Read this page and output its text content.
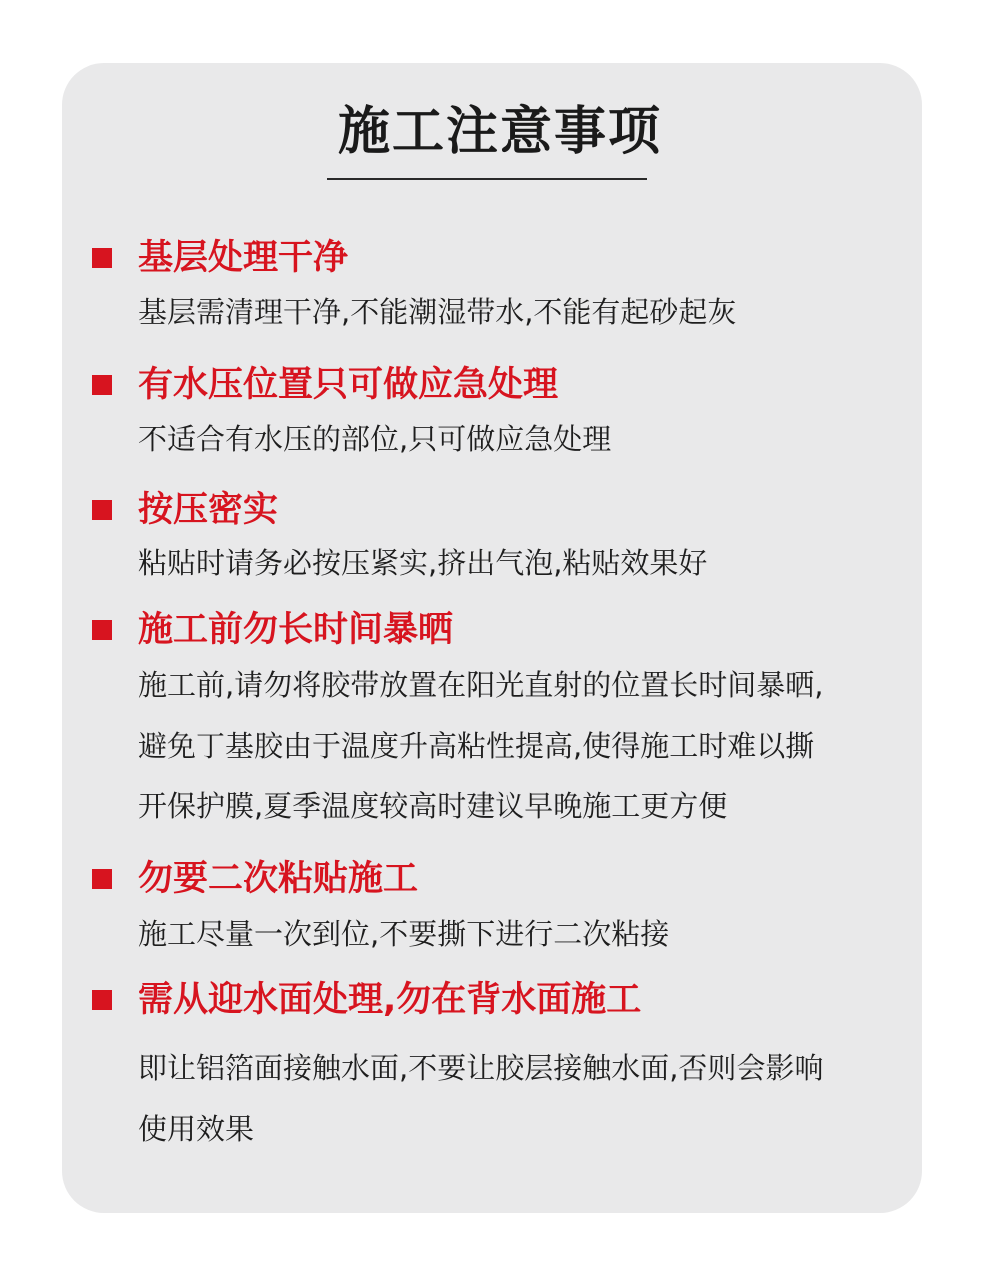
施工注意事项
基层处理干净
基层需清理干净,不能潮湿带水,不能有起砂起灰
有水压位置只可做应急处理
不适合有水压的部位,只可做应急处理
按压密实
粘贴时请务必按压紧实,挤出气泡,粘贴效果好
施工前勿长时间暴晒
施工前,请勿将胶带放置在阳光直射的位置长时间暴晒,
避免丁基胶由于温度升高粘性提高,使得施工时难以撕
开保护膜,夏季温度较高时建议早晚施工更方便
勿要二次粘贴施工
施工尽量一次到位,不要撕下进行二次粘接
需从迎水面处理,勿在背水面施工
即让铝箔面接触水面,不要让胶层接触水面,否则会影响
使用效果
